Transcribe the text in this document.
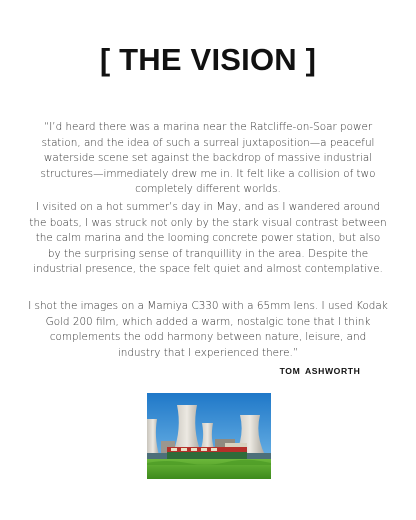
[ THE VISION ]

“I’d heard there was a marina near the Ratcliffe-on-Soar power station, and the idea of such a surreal juxtaposition—a peaceful waterside scene set against the backdrop of massive industrial structures—immediately drew me in. It felt like a collision of two completely different worlds.

I visited on a hot summer’s day in May, and as I wandered around the boats, I was struck not only by the stark visual contrast between the calm marina and the looming concrete power station, but also by the surprising sense of tranquillity in the area. Despite the industrial presence, the space felt quiet and almost contemplative.

I shot the images on a Mamiya C330 with a 65mm lens. I used Kodak Gold 200 film, which added a warm, nostalgic tone that I think complements the odd harmony between nature, leisure, and industry that I experienced there.”

TOM ASHWORTH
